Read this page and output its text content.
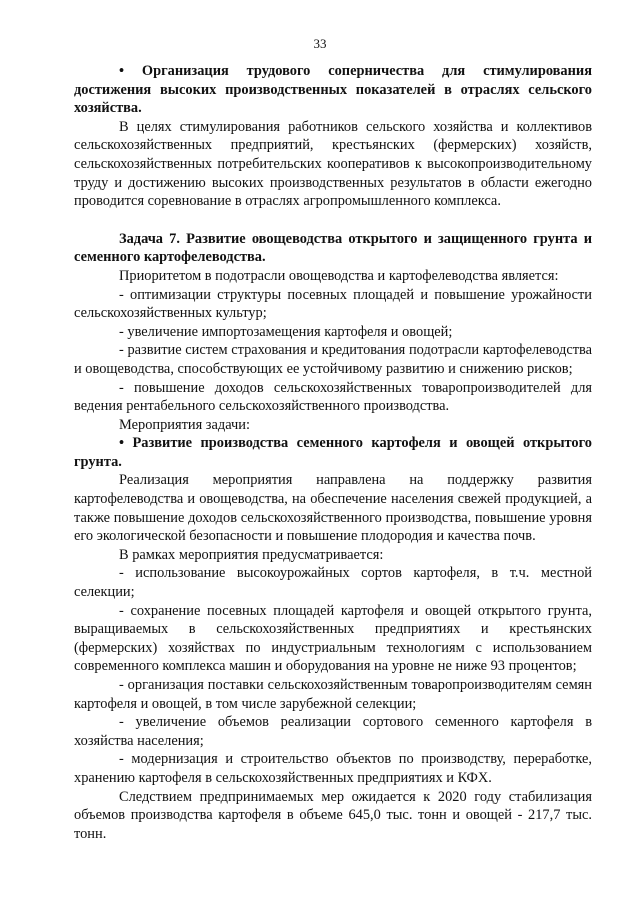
33

• Организация трудового соперничества для стимулирования достижения высоких производственных показателей в отраслях сельского хозяйства.

В целях стимулирования работников сельского хозяйства и коллективов сельскохозяйственных предприятий, крестьянских (фермерских) хозяйств, сельскохозяйственных потребительских кооперативов к высокопроизводительному труду и достижению высоких производственных результатов в области ежегодно проводится соревнование в отраслях агропромышленного комплекса.

Задача 7. Развитие овощеводства открытого и защищенного грунта и семенного картофелеводства.

Приоритетом в подотрасли овощеводства и картофелеводства является:

- оптимизации структуры посевных площадей и повышение урожайности сельскохозяйственных культур;

- увеличение импортозамещения картофеля и овощей;

- развитие систем страхования и кредитования подотрасли картофелеводства и овощеводства, способствующих ее устойчивому развитию и снижению рисков;

- повышение доходов сельскохозяйственных товаропроизводителей для ведения рентабельного сельскохозяйственного производства.

Мероприятия задачи:

• Развитие производства семенного картофеля и овощей открытого грунта.

Реализация мероприятия направлена на поддержку развития картофелеводства и овощеводства, на обеспечение населения свежей продукцией, а также повышение доходов сельскохозяйственного производства, повышение уровня его экологической безопасности и повышение плодородия и качества почв.

В рамках мероприятия предусматривается:

- использование высокоурожайных сортов картофеля, в т.ч. местной селекции;

- сохранение посевных площадей картофеля и овощей открытого грунта, выращиваемых в сельскохозяйственных предприятиях и крестьянских (фермерских) хозяйствах по индустриальным технологиям с использованием современного комплекса машин и оборудования на уровне не ниже 93 процентов;

- организация поставки сельскохозяйственным товаропроизводителям семян картофеля и овощей, в том числе зарубежной селекции;

- увеличение объемов реализации сортового семенного картофеля в хозяйства населения;

- модернизация и строительство объектов по производству, переработке, хранению картофеля в сельскохозяйственных предприятиях и КФХ.

Следствием предпринимаемых мер ожидается к 2020 году стабилизация объемов производства картофеля в объеме 645,0 тыс. тонн и овощей - 217,7 тыс. тонн.
